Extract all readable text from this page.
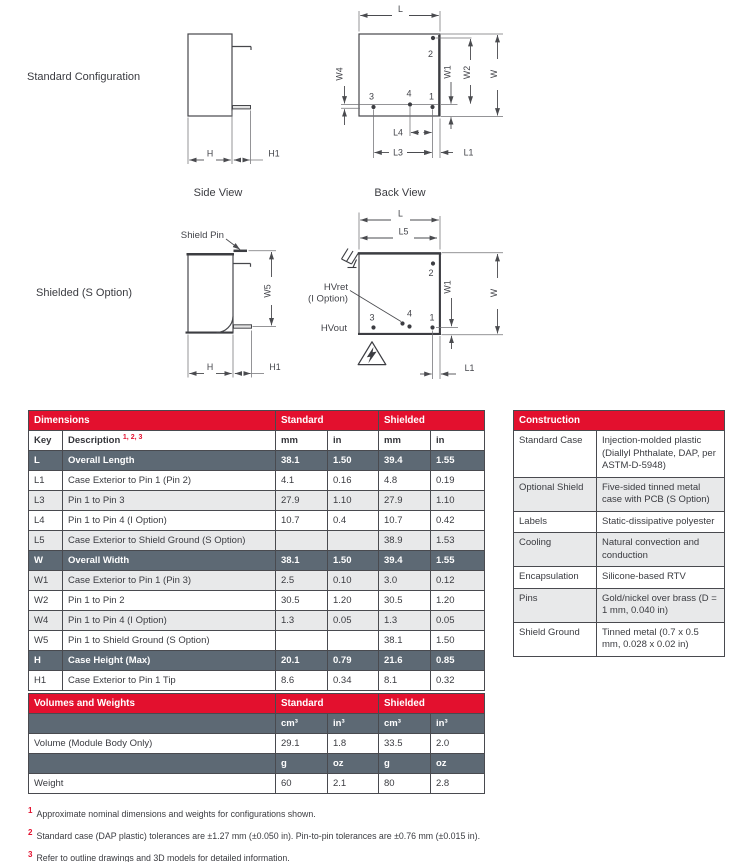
Standard Configuration
Shielded (S Option)
H	H1
Side View
L
W4
3	4 1
2
W1 W2 W
L4
L3	L1
Back View
Shield Pin
W5
H	H1
L
L5
2
3	4 1
HVret
(I Option)
HVout
W1	W
L1
Dimensions		Standard		Shielded	
Key	Description $^{1, 2, 3}$	mm	in	mm	in
L	Overall Length	38.1	1.50	39.4	1.55
L1	Case Exterior to Pin 1 (Pin 2)	4.1	0.16	4.8	0.19
L3	Pin 1 to Pin 3	27.9	1.10	27.9	1.10
L4	Pin 1 to Pin 4 (I Option)	10.7	0.4	10.7	0.42
L5	Case Exterior to Shield Ground (S Option)			38.9	1.53
W	Overall Width	38.1	1.50	39.4	1.55
W1	Case Exterior to Pin 1 (Pin 3)	2.5	0.10	3.0	0.12
W2	Pin 1 to Pin 2	30.5	1.20	30.5	1.20
W4	Pin 1 to Pin 4 (I Option)	1.3	0.05	1.3	0.05
W5	Pin 1 to Shield Ground (S Option)			38.1	1.50
H	Case Height (Max)	20.1	0.79	21.6	0.85
H1	Case Exterior to Pin 1 Tip	8.6	0.34	8.1	0.32
Construction	
Standard Case	Injection-molded plastic (Diallyl Phthalate, DAP, per ASTM-D-5948)
Optional Shield	Five-sided tinned metal case with PCB (S Option)
Labels	Static-dissipative polyester
Cooling	Natural convection and conduction
Encapsulation	Silicone-based RTV
Pins	Gold/nickel over brass (D = 1 mm, 0.040 in)
Shield Ground	Tinned metal (0.7 x 0.5 mm, 0.028 x 0.02 in)
Volumes and Weights	Standard		Shielded	
	cm³	in³	cm³	in³
Volume (Module Body Only)	29.1	1.8	33.5	2.0
	g	oz	g	oz
Weight	60	2.1	80	2.8
$^1$ Approximate nominal dimensions and weights for configurations shown.
$^2$ Standard case (DAP plastic) tolerances are ±1.27 mm (±0.050 in). Pin-to-pin tolerances are ±0.76 mm (±0.015 in).
$^3$ Refer to outline drawings and 3D models for detailed information.
